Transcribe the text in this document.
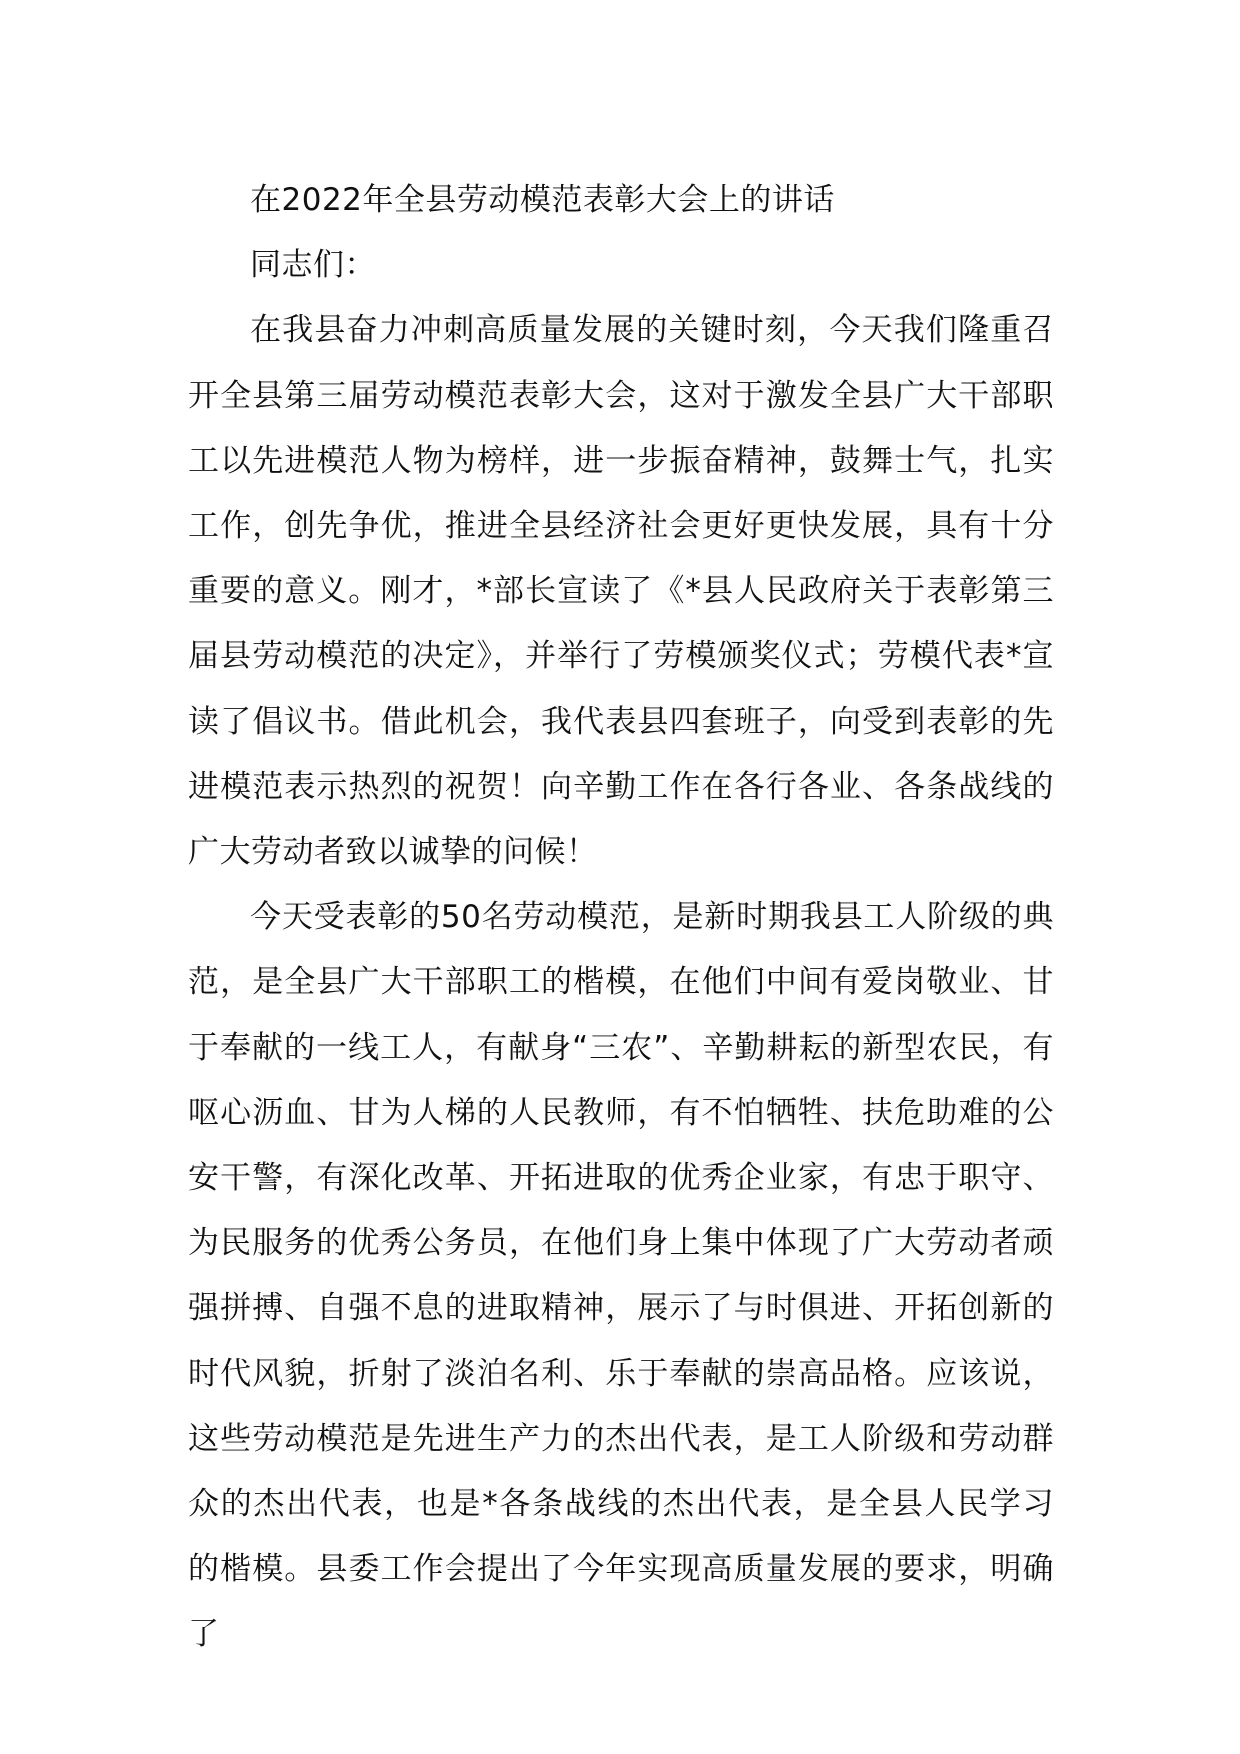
在2022年全县劳动模范表彰大会上的讲话

同志们：

在我县奋力冲刺高质量发展的关键时刻，今天我们隆重召开全县第三届劳动模范表彰大会，这对于激发全县广大干部职工以先进模范人物为榜样，进一步振奋精神，鼓舞士气，扎实工作，创先争优，推进全县经济社会更好更快发展，具有十分重要的意义。刚才，*部长宣读了《*县人民政府关于表彰第三届县劳动模范的决定》，并举行了劳模颁奖仪式；劳模代表*宣读了倡议书。借此机会，我代表县四套班子，向受到表彰的先进模范表示热烈的祝贺！向辛勤工作在各行各业、各条战线的广大劳动者致以诚挚的问候！

今天受表彰的50名劳动模范，是新时期我县工人阶级的典范，是全县广大干部职工的楷模，在他们中间有爱岗敬业、甘于奉献的一线工人，有献身“三农”、辛勤耕耘的新型农民，有呕心沥血、甘为人梯的人民教师，有不怕牺牲、扶危助难的公安干警，有深化改革、开拓进取的优秀企业家，有忠于职守、为民服务的优秀公务员，在他们身上集中体现了广大劳动者顽强拼搏、自强不息的进取精神，展示了与时俱进、开拓创新的时代风貌，折射了淡泊名利、乐于奉献的崇高品格。应该说，这些劳动模范是先进生产力的杰出代表，是工人阶级和劳动群众的杰出代表，也是*各条战线的杰出代表，是全县人民学习的楷模。县委工作会提出了今年实现高质量发展的要求，明确了
